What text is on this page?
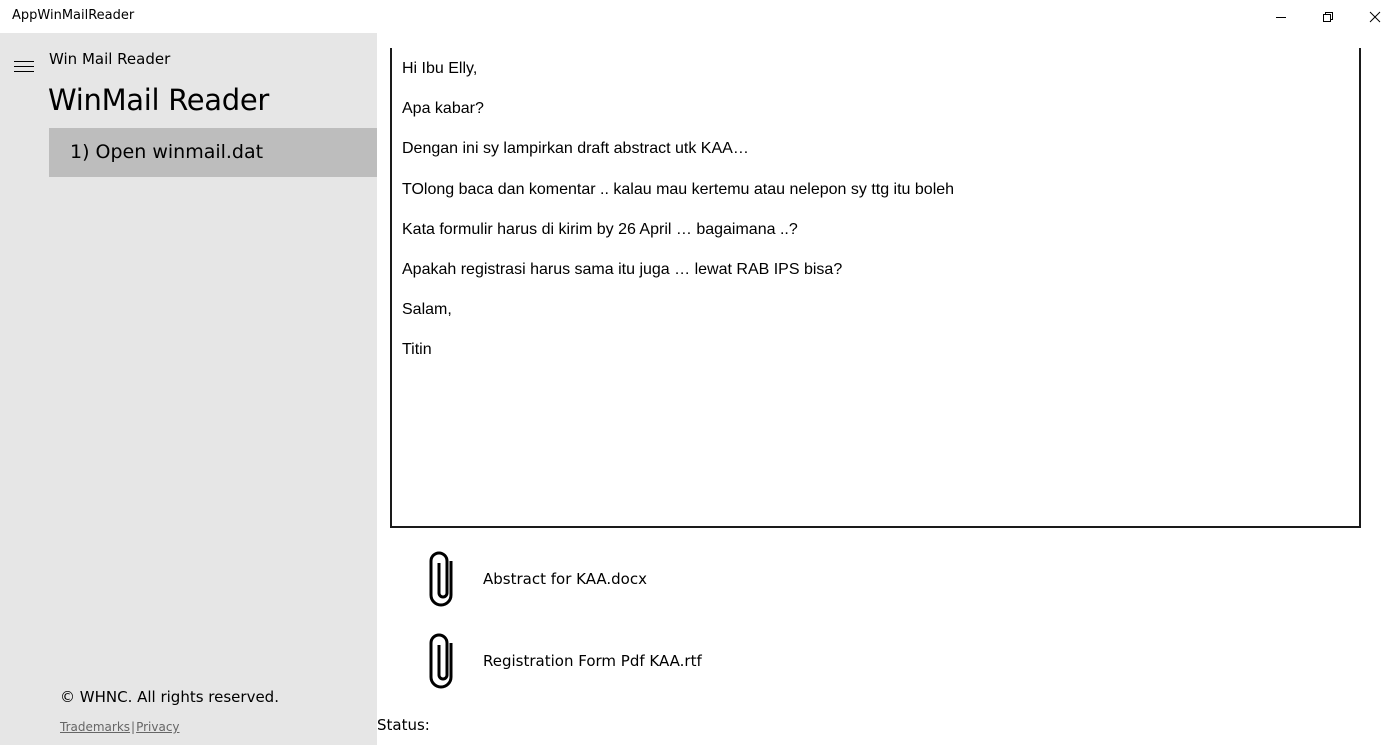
AppWinMailReader
Win Mail Reader
WinMail Reader
1) Open winmail.dat
© WHNC. All rights reserved.
Trademarks|Privacy

Hi Ibu Elly,

Apa kabar?

Dengan ini sy lampirkan draft abstract utk KAA…

TOlong baca dan komentar .. kalau mau kertemu atau nelepon sy ttg itu boleh

Kata formulir harus di kirim by 26 April … bagaimana ..?

Apakah registrasi harus sama itu juga … lewat RAB IPS bisa?

Salam,

Titin

Abstract for KAA.docx
Registration Form Pdf KAA.rtf
Status:
